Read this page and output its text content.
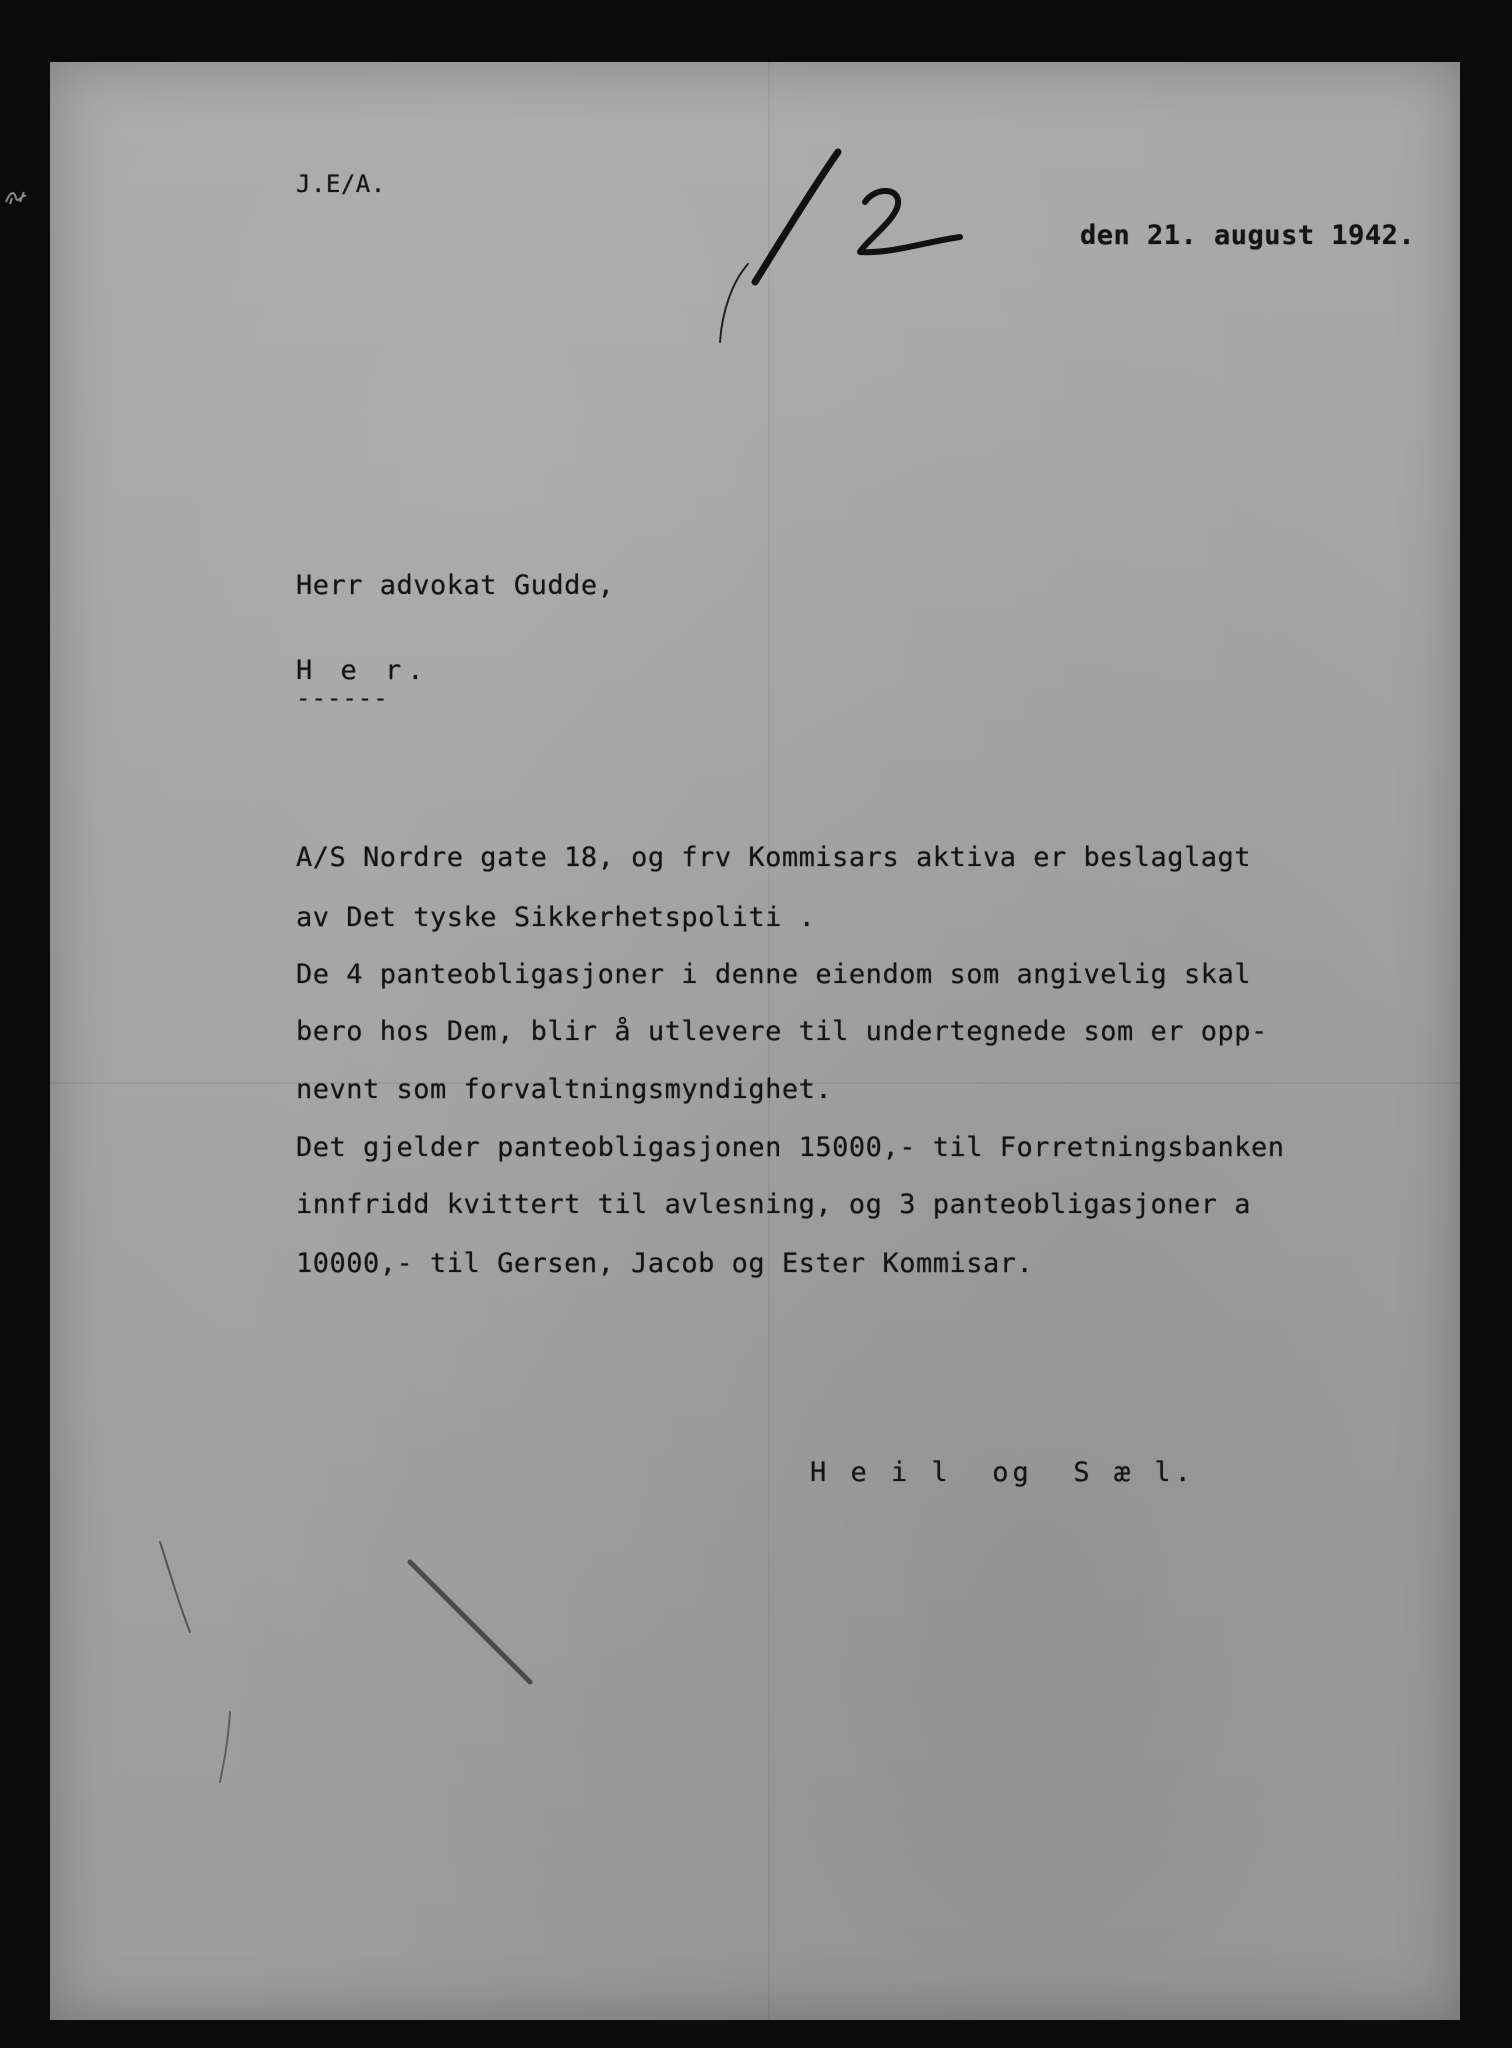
J.E/A.
den 21. august 1942.
Herr advokat Gudde,
H e r.
------
A/S Nordre gate 18, og frv Kommisars aktiva er beslaglagt
av Det tyske Sikkerhetspoliti .
De 4 panteobligasjoner i denne eiendom som angivelig skal
bero hos Dem, blir å utlevere til undertegnede som er opp-
nevnt som forvaltningsmyndighet.
Det gjelder panteobligasjonen 15000,- til Forretningsbanken
innfridd kvittert til avlesning, og 3 panteobligasjoner a
10000,- til Gersen, Jacob og Ester Kommisar.
H e i l  og  S æ l.
